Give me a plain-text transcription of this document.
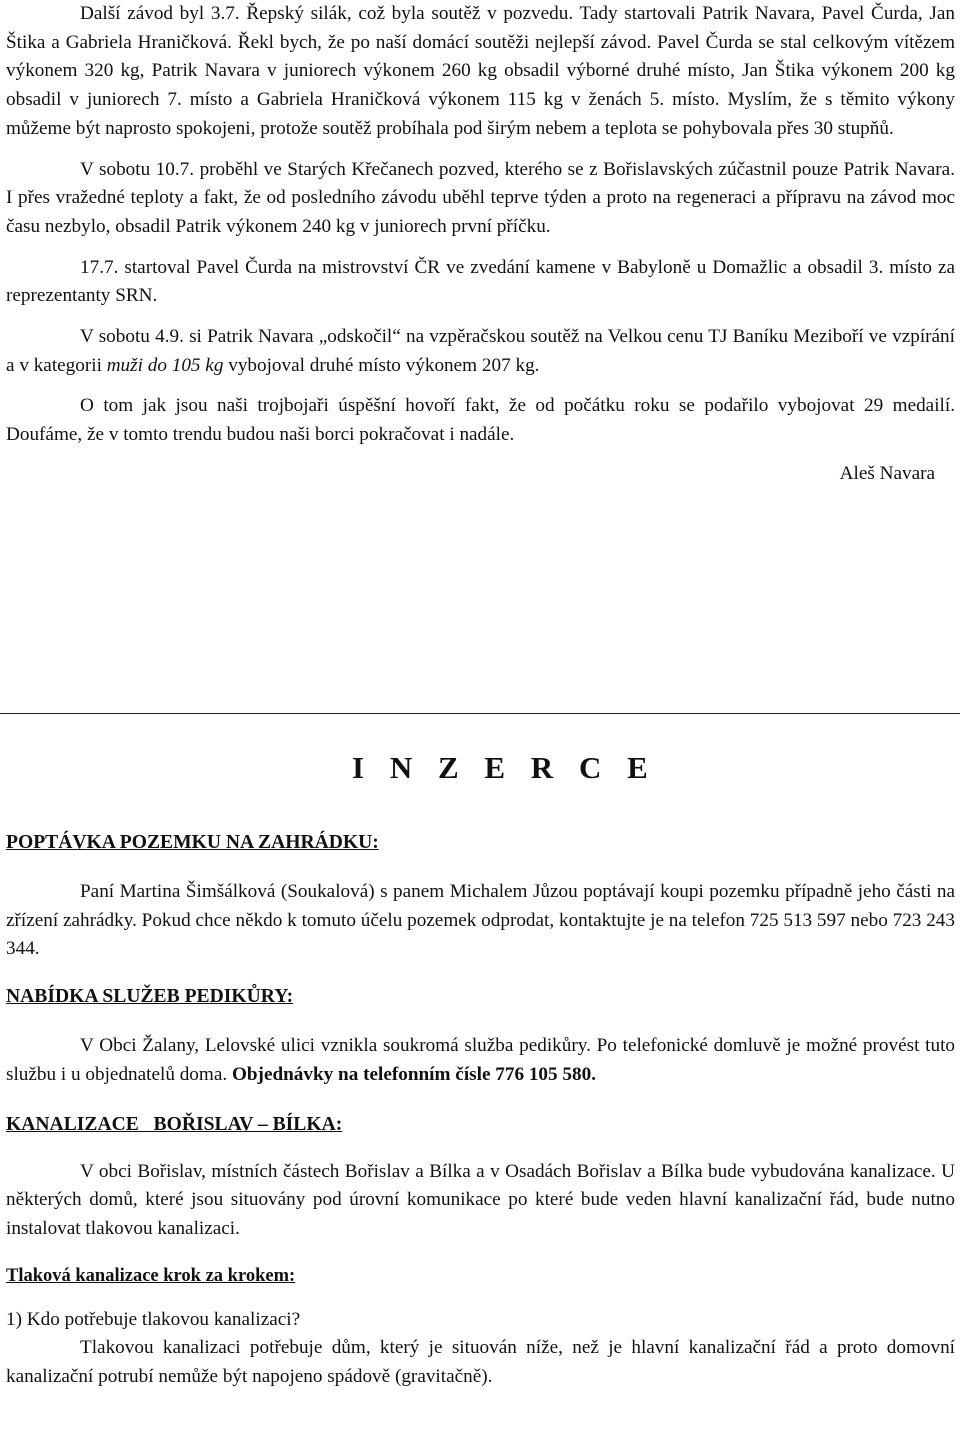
Další závod byl 3.7. Řepský silák, což byla soutěž v pozvedu. Tady startovali Patrik Navara, Pavel Čurda, Jan Štika a Gabriela Hraničková. Řekl bych, že po naší domácí soutěži nejlepší závod. Pavel Čurda se stal celkovým vítězem výkonem 320 kg, Patrik Navara v juniorech výkonem 260 kg obsadil výborné druhé místo, Jan Štika výkonem 200 kg obsadil v juniorech 7. místo a Gabriela Hraničková výkonem 115 kg v ženách 5. místo. Myslím, že s těmito výkony můžeme být naprosto spokojeni, protože soutěž probíhala pod širým nebem a teplota se pohybovala přes 30 stupňů.

V sobotu 10.7. proběhl ve Starých Křečanech pozved, kterého se z Bořislavských zúčastnil pouze Patrik Navara. I přes vražedné teploty a fakt, že od posledního závodu uběhl teprve týden a proto na regeneraci a přípravu na závod moc času nezbylo, obsadil Patrik výkonem 240 kg v juniorech první příčku.

17.7. startoval Pavel Čurda na mistrovství ČR ve zvedání kamene v Babyloně u Domažlic a obsadil 3. místo za reprezentanty SRN.

V sobotu 4.9. si Patrik Navara „odskočil“ na vzpěračskou soutěž na Velkou cenu TJ Baníku Meziboří ve vzpírání a v kategorii muži do 105 kg vybojoval druhé místo výkonem 207 kg.

O tom jak jsou naši trojbojaři úspěšní hovoří fakt, že od počátku roku se podařilo vybojovat 29 medailí. Doufáme, že v tomto trendu budou naši borci pokračovat i nadále.

Aleš Navara

I N Z E R C E
POPTÁVKA POZEMKU NA ZAHRÁDKU:

Paní Martina Šimšálková (Soukalová) s panem Michalem Jůzou poptávají koupi pozemku případně jeho části na zřízení zahrádky. Pokud chce někdo k tomuto účelu pozemek odprodat, kontaktujte je na telefon 725 513 597 nebo 723 243 344.

NABÍDKA SLUŽEB PEDIKŮRY:

V Obci Žalany, Lelovské ulici vznikla soukromá služba pedikůry. Po telefonické domluvě je možné provést tuto službu i u objednatelů doma. Objednávky na telefonním čísle 776 105 580.

KANALIZACE   BOŘISLAV – BÍLKA:

V obci Bořislav, místních částech Bořislav a Bílka a v Osadách Bořislav a Bílka bude vybudována kanalizace. U některých domů, které jsou situovány pod úrovní komunikace po které bude veden hlavní kanalizační řád, bude nutno instalovat tlakovou kanalizaci.

Tlaková kanalizace krok za krokem:

1) Kdo potřebuje tlakovou kanalizaci?

Tlakovou kanalizaci potřebuje dům, který je situován níže, než je hlavní kanalizační řád a proto domovní kanalizační potrubí nemůže být napojeno spádově (gravitačně).
